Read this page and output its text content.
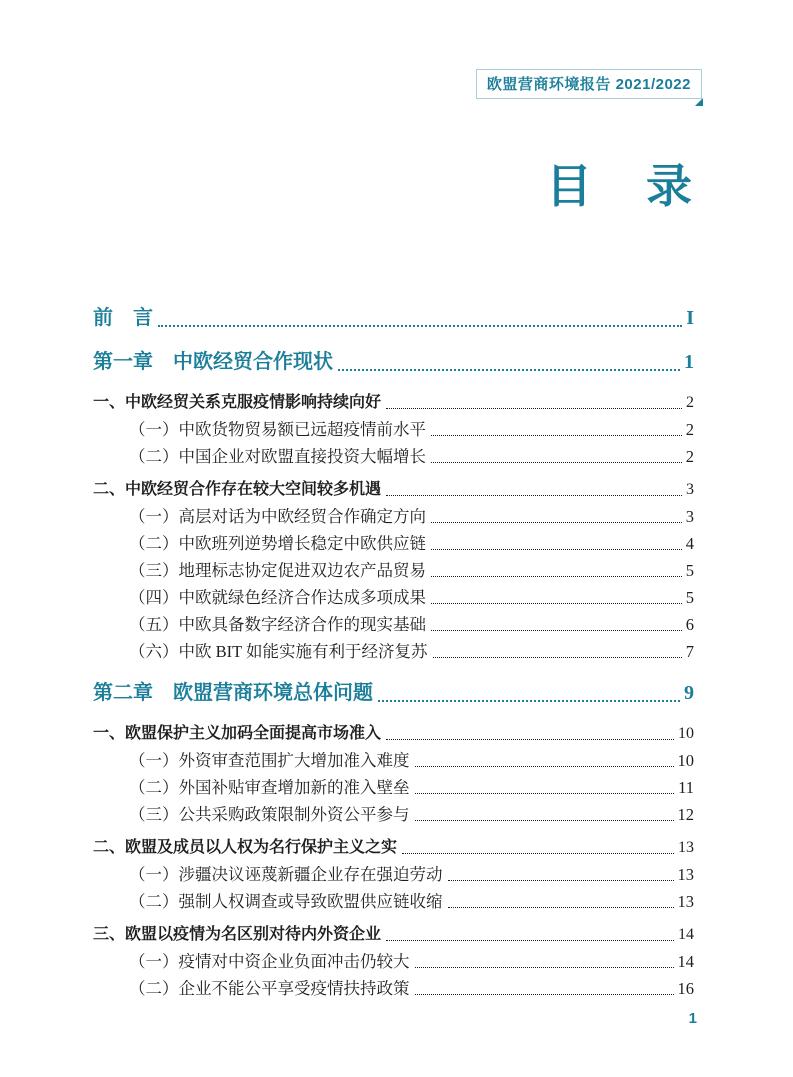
欧盟营商环境报告 2021/2022
目　录
前　言	I
第一章　中欧经贸合作现状	1
一、中欧经贸关系克服疫情影响持续向好	2
（一）中欧货物贸易额已远超疫情前水平	2
（二）中国企业对欧盟直接投资大幅增长	2
二、中欧经贸合作存在较大空间较多机遇	3
（一）高层对话为中欧经贸合作确定方向	3
（二）中欧班列逆势增长稳定中欧供应链	4
（三）地理标志协定促进双边农产品贸易	5
（四）中欧就绿色经济合作达成多项成果	5
（五）中欧具备数字经济合作的现实基础	6
（六）中欧 BIT 如能实施有利于经济复苏	7
第二章　欧盟营商环境总体问题	9
一、欧盟保护主义加码全面提高市场准入	10
（一）外资审查范围扩大增加准入难度	10
（二）外国补贴审查增加新的准入壁垒	11
（三）公共采购政策限制外资公平参与	12
二、欧盟及成员以人权为名行保护主义之实	13
（一）涉疆决议诬蔑新疆企业存在强迫劳动	13
（二）强制人权调查或导致欧盟供应链收缩	13
三、欧盟以疫情为名区别对待内外资企业	14
（一）疫情对中资企业负面冲击仍较大	14
（二）企业不能公平享受疫情扶持政策	16
1
